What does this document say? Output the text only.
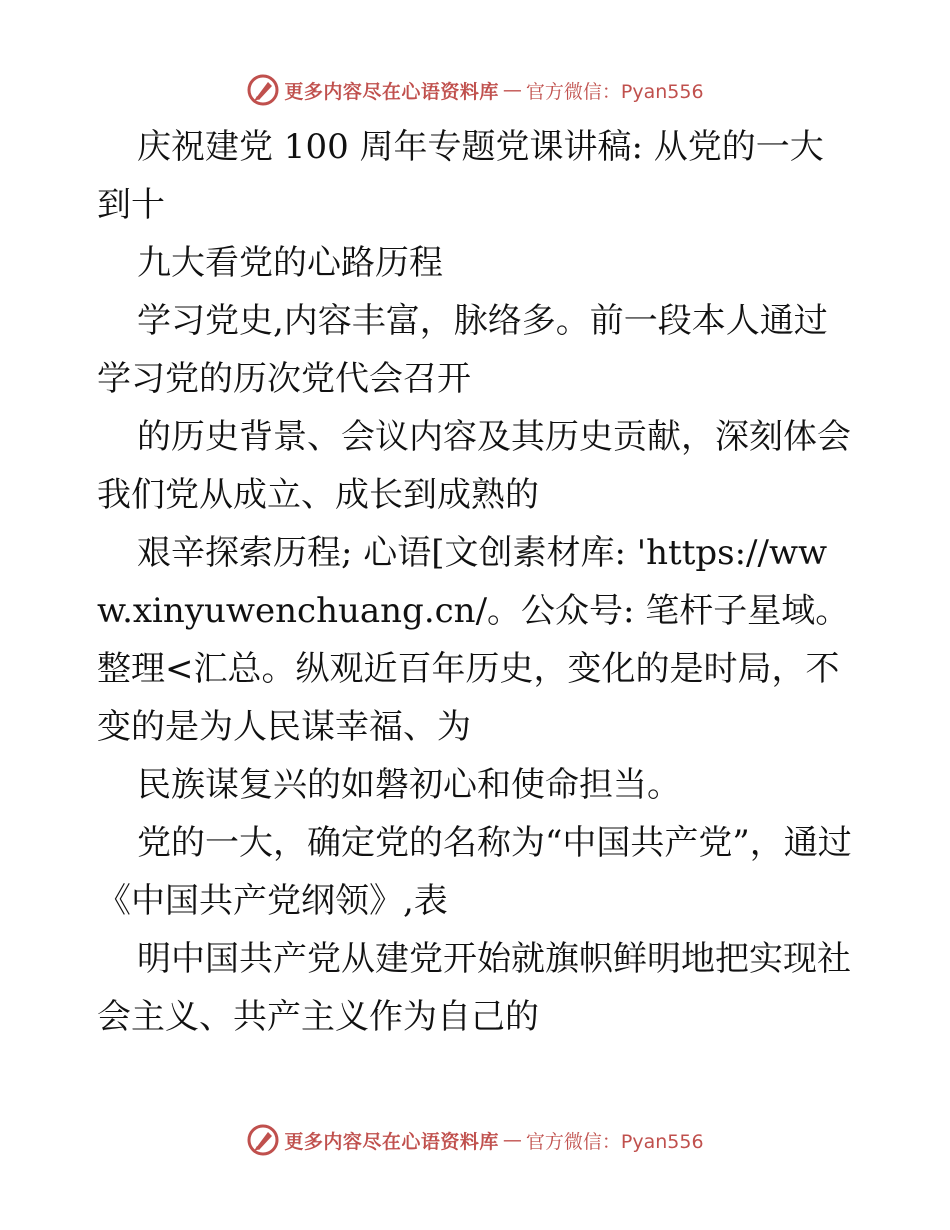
更多内容尽在心语资料库 — 官方微信：Pyan556

庆祝建党 100 周年专题党课讲稿: 从党的一大到十

九大看党的心路历程

学习党史,内容丰富，脉络多。前一段本人通过学习党的历次党代会召开

的历史背景、会议内容及其历史贡献，深刻体会我们党从成立、成长到成熟的

艰辛探索历程; 心语[文创素材库: 'https://www.xinyuwenchuang.cn/。公众号: 笔杆子星域。整理<汇总。纵观近百年历史，变化的是时局，不变的是为人民谋幸福、为

民族谋复兴的如磐初心和使命担当。

党的一大，确定党的名称为“中国共产党”，通过《中国共产党纲领》,表

明中国共产党从建党开始就旗帜鲜明地把实现社会主义、共产主义作为自己的

更多内容尽在心语资料库 — 官方微信：Pyan556
